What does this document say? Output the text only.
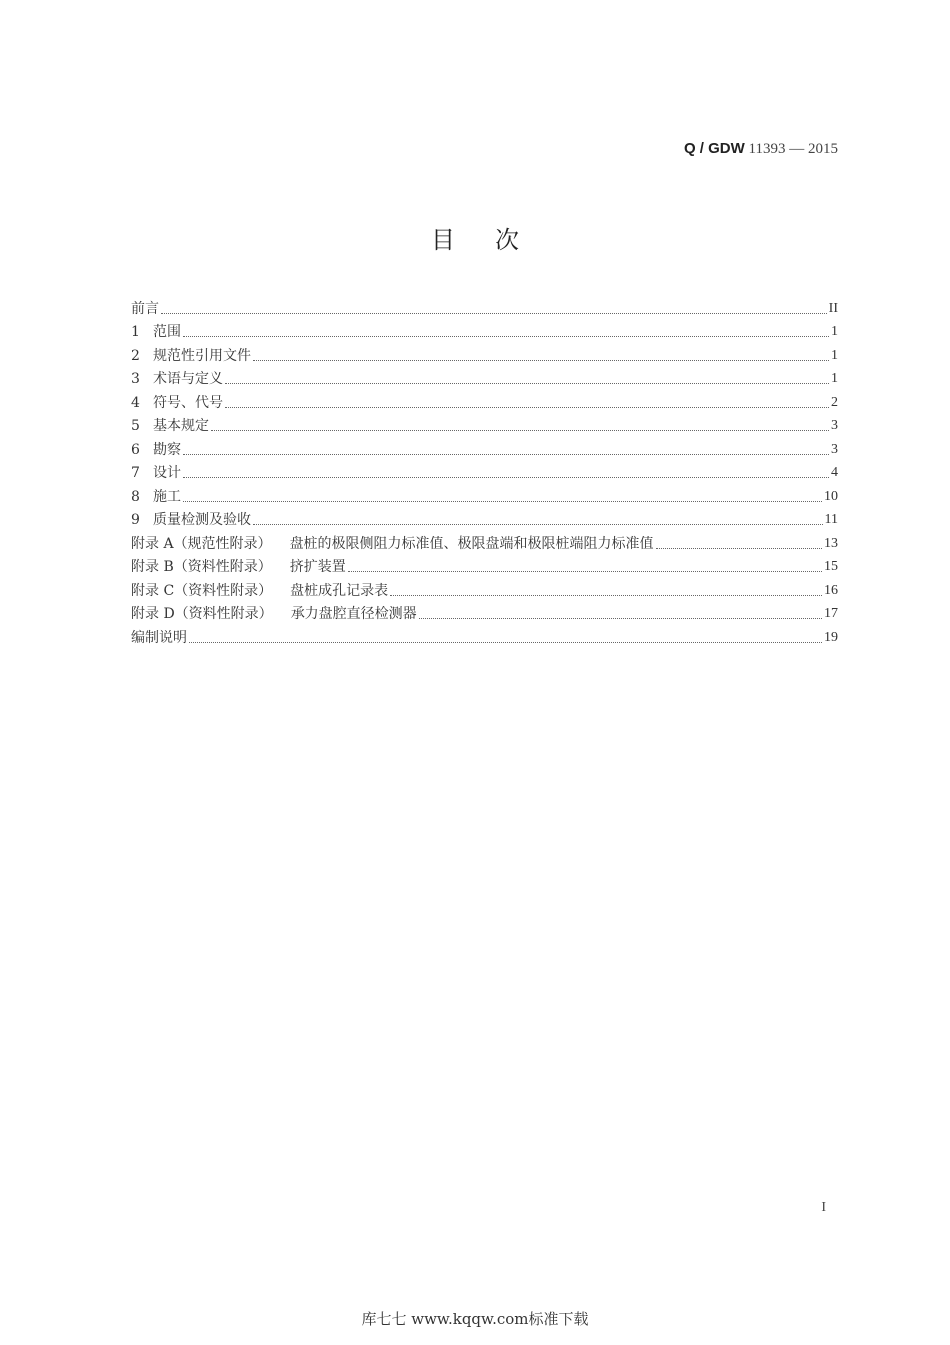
Q / GDW 11393 — 2015
目次
前言	II
1 范围	1
2 规范性引用文件	1
3 术语与定义	1
4 符号、代号	2
5 基本规定	3
6 勘察	3
7 设计	4
8 施工	10
9 质量检测及验收	11
附录 A（规范性附录） 盘桩的极限侧阻力标准值、极限盘端和极限桩端阻力标准值	13
附录 B（资料性附录） 挤扩装置	15
附录 C（资料性附录） 盘桩成孔记录表	16
附录 D（资料性附录） 承力盘腔直径检测器	17
编制说明	19
I
库七七 www.kqqw.com标准下载
